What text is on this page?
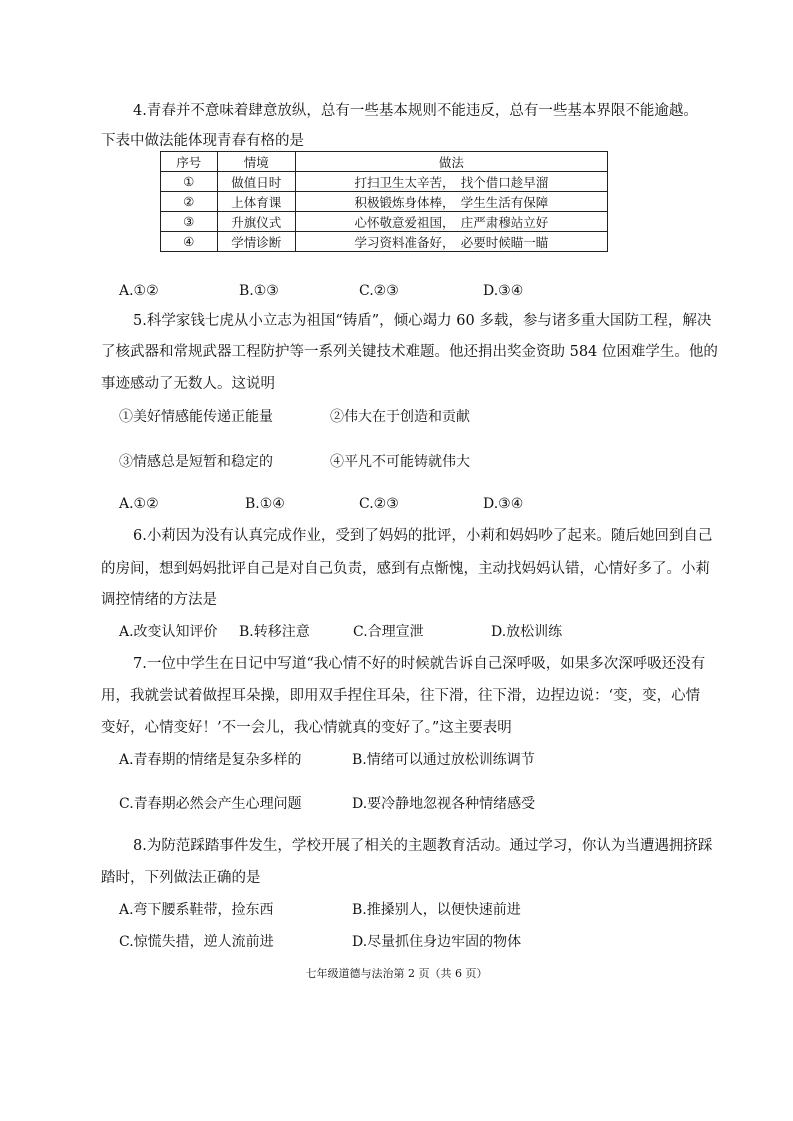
4.青春并不意味着肆意放纵，总有一些基本规则不能违反，总有一些基本界限不能逾越。
下表中做法能体现青春有格的是
序号	情境	做法
①	做值日时	打扫卫生太辛苦，　找个借口趁早溜
②	上体育课	积极锻炼身体棒，　学生生活有保障
③	升旗仪式	心怀敬意爱祖国，　庄严肃穆站立好
④	学情诊断	学习资料准备好，　必要时候瞄一瞄
A.①②	B.①③	C.②③	D.③④
5.科学家钱七虎从小立志为祖国“铸盾”，倾心竭力 60 多载，参与诸多重大国防工程，解决
了核武器和常规武器工程防护等一系列关键技术难题。他还捐出奖金资助 584 位困难学生。他的
事迹感动了无数人。这说明
①美好情感能传递正能量	②伟大在于创造和贡献
③情感总是短暂和稳定的	④平凡不可能铸就伟大
A.①②	B.①④	C.②③	D.③④
6.小莉因为没有认真完成作业，受到了妈妈的批评，小莉和妈妈吵了起来。随后她回到自己
的房间，想到妈妈批评自己是对自己负责，感到有点惭愧，主动找妈妈认错，心情好多了。小莉
调控情绪的方法是
A.改变认知评价 B.转移注意	C.合理宣泄	D.放松训练
7.一位中学生在日记中写道“我心情不好的时候就告诉自己深呼吸，如果多次深呼吸还没有
用，我就尝试着做捏耳朵操，即用双手捏住耳朵，往下滑，往下滑，边捏边说：‘变，变，心情
变好，心情变好！’不一会儿，我心情就真的变好了。”这主要表明
A.青春期的情绪是复杂多样的	B.情绪可以通过放松训练调节
C.青春期必然会产生心理问题	D.要冷静地忽视各种情绪感受
8.为防范踩踏事件发生，学校开展了相关的主题教育活动。通过学习，你认为当遭遇拥挤踩
踏时，下列做法正确的是
A.弯下腰系鞋带，捡东西	B.推搡别人，以便快速前进
C.惊慌失措，逆人流前进	D.尽量抓住身边牢固的物体
七年级道德与法治第 2 页（共 6 页）
